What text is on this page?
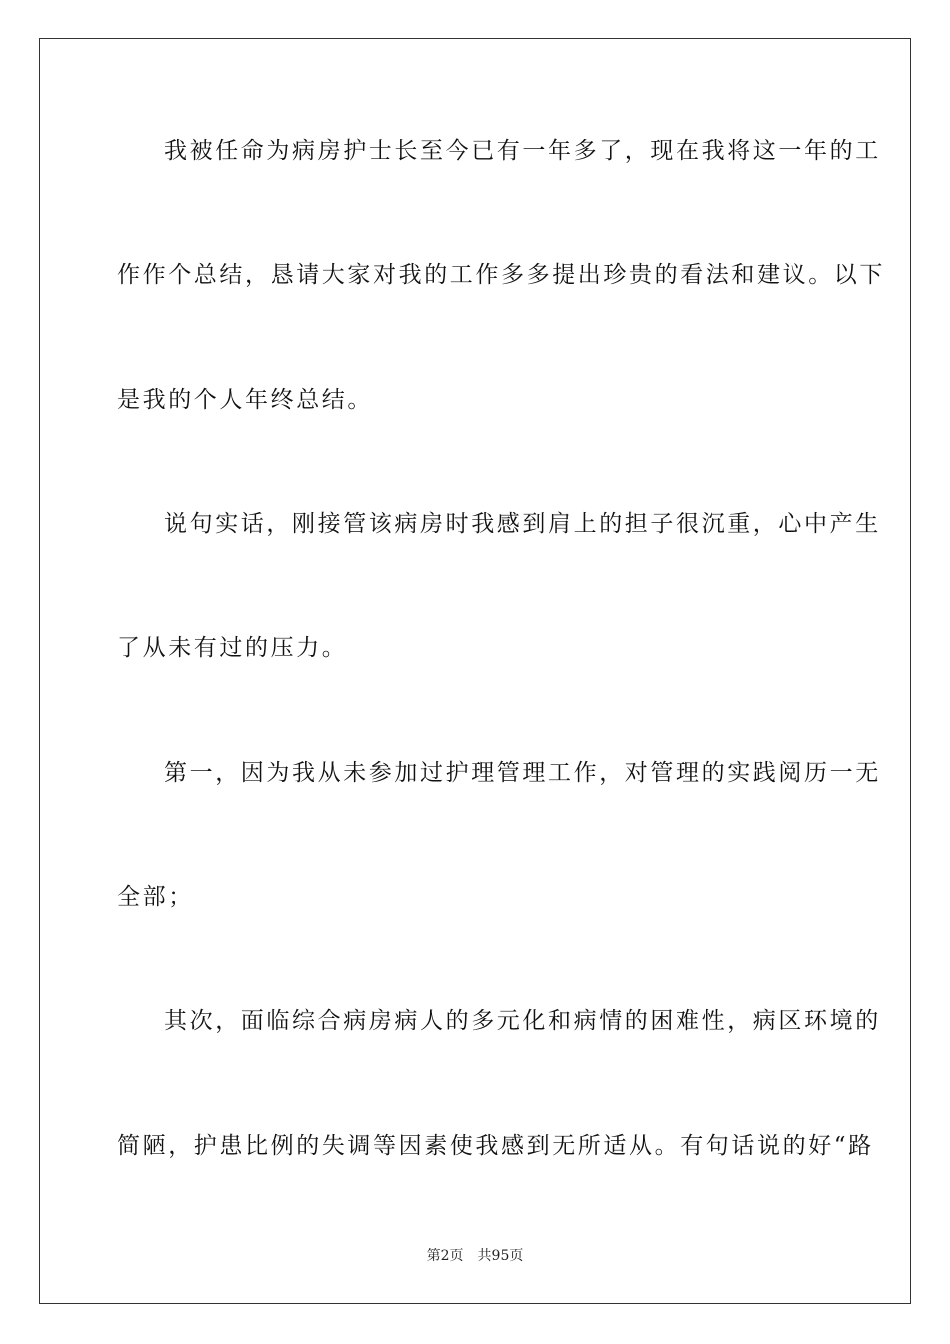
我被任命为病房护士长至今已有一年多了，现在我将这一年的工
作作个总结，恳请大家对我的工作多多提出珍贵的看法和建议。以下
是我的个人年终总结。
说句实话，刚接管该病房时我感到肩上的担子很沉重，心中产生
了从未有过的压力。
第一，因为我从未参加过护理管理工作，对管理的实践阅历一无
全部；
其次，面临综合病房病人的多元化和病情的困难性，病区环境的
简陋，护患比例的失调等因素使我感到无所适从。有句话说的好“路
第2页 共95页
